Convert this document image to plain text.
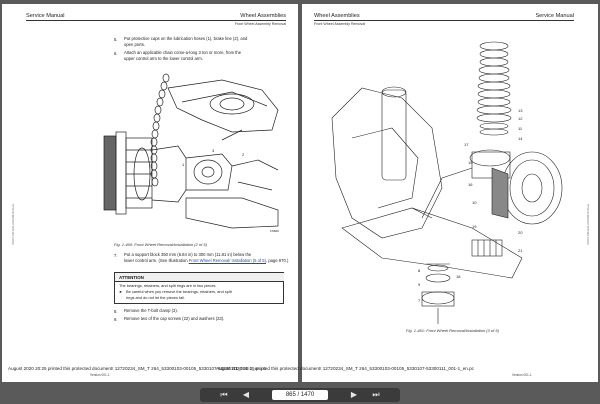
Service Manual	Wheel Assemblies
Front Wheel Assembly Removal
5. Put protective caps on the lubrication hoses (1), brake line (2), and
open ports.
6. Attach an applicable chain come-a-long 3 ton or more, from the
upper control arm to the lower control arm.
1
2
3
FS846
Fig. 1-460: Front Wheel Removal/Installation (2 of 5)
7. Put a support block 350 mm (6.84 in) to 300 mm (11.81 in) below the
lower control arm. (See Illustration Front Wheel Removal/ Installation (5 of 5), page 970.)
ATTENTION
The bearings, retainers, and split rings are in two pieces.
► Be careful when you remove the bearings, retainers, and split
rings and do not let the pieces fall.
8. Remove the T-bolt clamp (3).
9. Remove two of the cap screws (22) and washers (23).
UMS71001EN-20200830-6bus
August 2020 20:25 printed this protected document! 12720234_SM_T 264_53300103-00105_5330107-53300111_001-1_en.pc
Version 001-1
Wheel Assemblies	Service Manual
Front Wheel Assembly Removal
13
12
11
14
17
15
16
10
19
20
21
8
18
9
7
Fig. 1-461: Front Wheel Removal/Installation (3 of 5)
UMS71001EN-20200830-6bus
August 2020 20:25 printed this protected document! 12720234_SM_T 264_53300103-00105_5330107-53300111_001-1_en.pc
Version 001-1
⏮	◀	865 / 1470	▶	⏭
